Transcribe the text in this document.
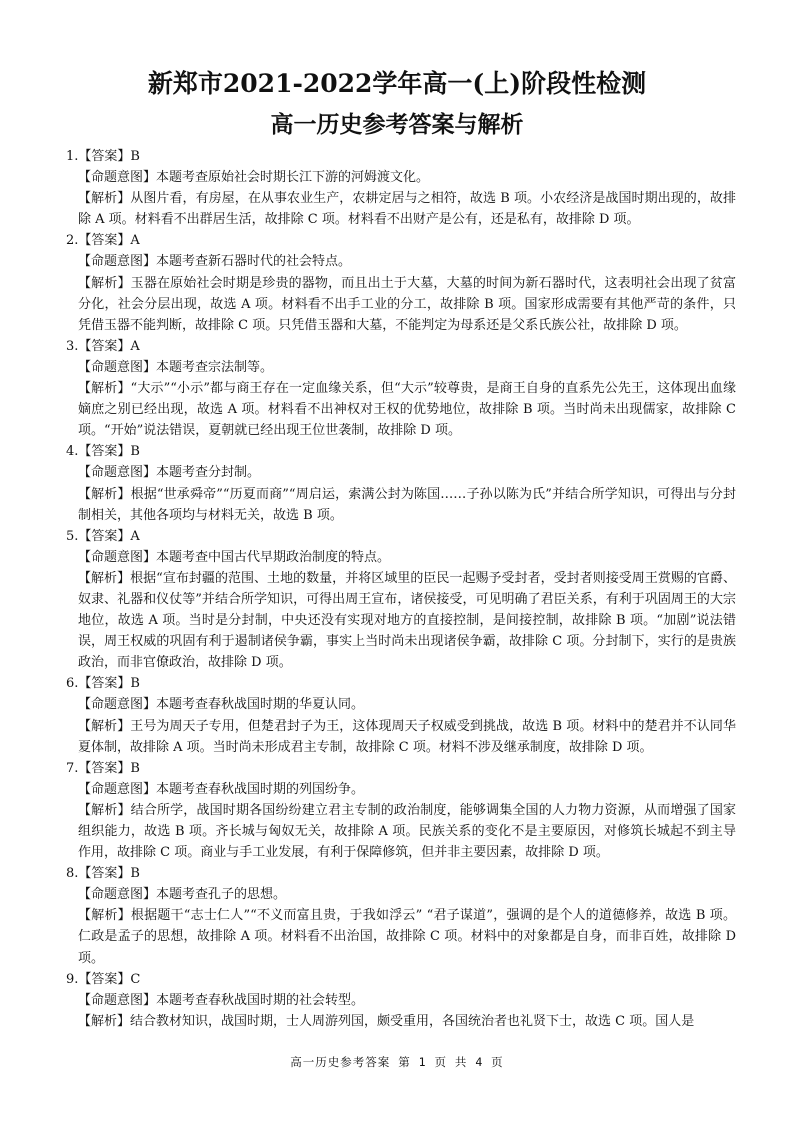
新郑市2021-2022学年高一(上)阶段性检测
高一历史参考答案与解析
1.【答案】B
【命题意图】本题考查原始社会时期长江下游的河姆渡文化。
【解析】从图片看，有房屋，在从事农业生产，农耕定居与之相符，故选 B 项。小农经济是战国时期出现的，故排除 A 项。材料看不出群居生活，故排除 C 项。材料看不出财产是公有，还是私有，故排除 D 项。
2.【答案】A
【命题意图】本题考查新石器时代的社会特点。
【解析】玉器在原始社会时期是珍贵的器物，而且出土于大墓，大墓的时间为新石器时代，这表明社会出现了贫富分化，社会分层出现，故选 A 项。材料看不出手工业的分工，故排除 B 项。国家形成需要有其他严苛的条件，只凭借玉器不能判断，故排除 C 项。只凭借玉器和大墓，不能判定为母系还是父系氏族公社，故排除 D 项。
3.【答案】A
【命题意图】本题考查宗法制等。
【解析】“大示”“小示”都与商王存在一定血缘关系，但“大示”较尊贵，是商王自身的直系先公先王，这体现出血缘嫡庶之别已经出现，故选 A 项。材料看不出神权对王权的优势地位，故排除 B 项。当时尚未出现儒家，故排除 C 项。“开始”说法错误，夏朝就已经出现王位世袭制，故排除 D 项。
4.【答案】B
【命题意图】本题考查分封制。
【解析】根据“世承舜帝”“历夏而商”“周启运，索满公封为陈国……子孙以陈为氏”并结合所学知识，可得出与分封制相关，其他各项均与材料无关，故选 B 项。
5.【答案】A
【命题意图】本题考查中国古代早期政治制度的特点。
【解析】根据“宣布封疆的范围、土地的数量，并将区域里的臣民一起赐予受封者，受封者则接受周王赏赐的官爵、奴隶、礼器和仪仗等”并结合所学知识，可得出周王宣布，诸侯接受，可见明确了君臣关系，有利于巩固周王的大宗地位，故选 A 项。当时是分封制，中央还没有实现对地方的直接控制，是间接控制，故排除 B 项。“加剧”说法错误，周王权威的巩固有利于遏制诸侯争霸，事实上当时尚未出现诸侯争霸，故排除 C 项。分封制下，实行的是贵族政治，而非官僚政治，故排除 D 项。
6.【答案】B
【命题意图】本题考查春秋战国时期的华夏认同。
【解析】王号为周天子专用，但楚君封子为王，这体现周天子权威受到挑战，故选 B 项。材料中的楚君并不认同华夏体制，故排除 A 项。当时尚未形成君主专制，故排除 C 项。材料不涉及继承制度，故排除 D 项。
7.【答案】B
【命题意图】本题考查春秋战国时期的列国纷争。
【解析】结合所学，战国时期各国纷纷建立君主专制的政治制度，能够调集全国的人力物力资源，从而增强了国家组织能力，故选 B 项。齐长城与匈奴无关，故排除 A 项。民族关系的变化不是主要原因，对修筑长城起不到主导作用，故排除 C 项。商业与手工业发展，有利于保障修筑，但并非主要因素，故排除 D 项。
8.【答案】B
【命题意图】本题考查孔子的思想。
【解析】根据题干“志士仁人”“不义而富且贵，于我如浮云” “君子谋道”，强调的是个人的道德修养，故选 B 项。仁政是孟子的思想，故排除 A 项。材料看不出治国，故排除 C 项。材料中的对象都是自身，而非百姓，故排除 D 项。
9.【答案】C
【命题意图】本题考查春秋战国时期的社会转型。
【解析】结合教材知识，战国时期，士人周游列国，颇受重用，各国统治者也礼贤下士，故选 C 项。国人是
高一历史参考答案 第 1 页 共 4 页
